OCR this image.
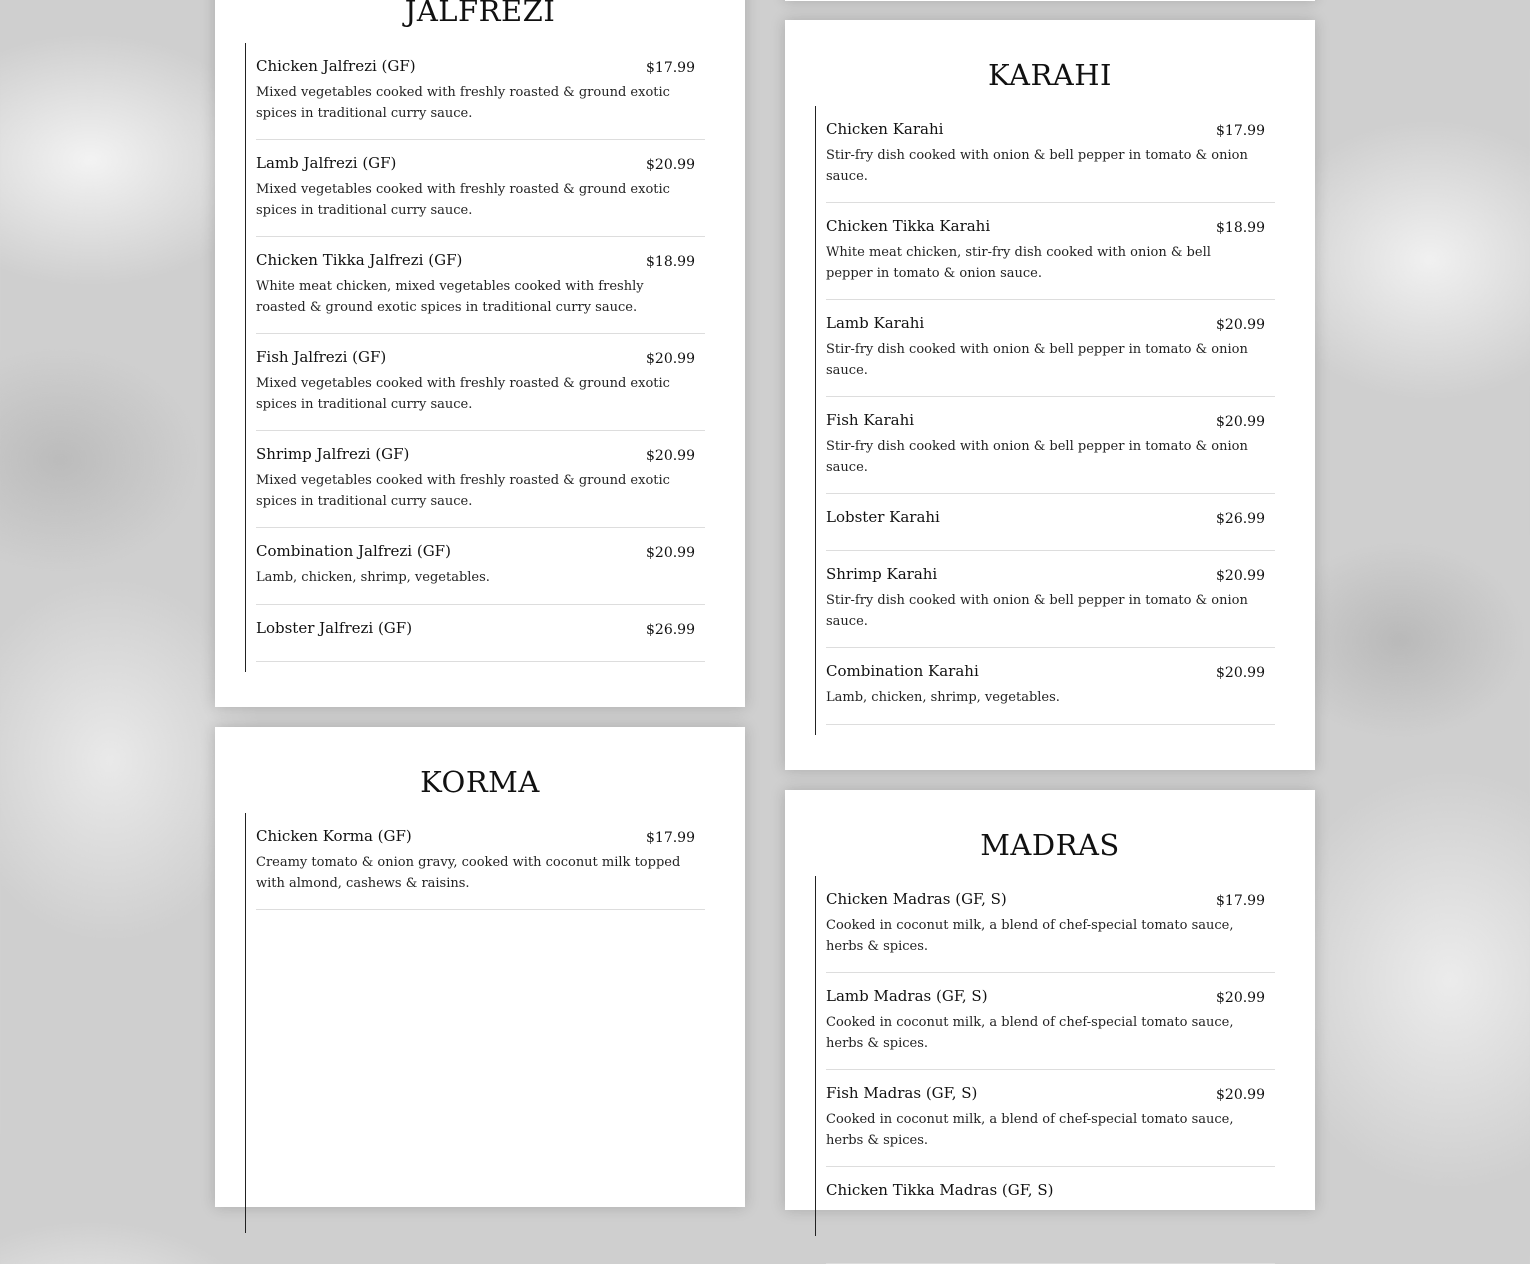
JALFREZI
Chicken Jalfrezi (GF)	$17.99
Mixed vegetables cooked with freshly roasted & ground exotic spices in traditional curry sauce.
Lamb Jalfrezi (GF)	$20.99
Mixed vegetables cooked with freshly roasted & ground exotic spices in traditional curry sauce.
Chicken Tikka Jalfrezi (GF)	$18.99
White meat chicken, mixed vegetables cooked with freshly roasted & ground exotic spices in traditional curry sauce.
Fish Jalfrezi (GF)	$20.99
Mixed vegetables cooked with freshly roasted & ground exotic spices in traditional curry sauce.
Shrimp Jalfrezi (GF)	$20.99
Mixed vegetables cooked with freshly roasted & ground exotic spices in traditional curry sauce.
Combination Jalfrezi (GF)	$20.99
Lamb, chicken, shrimp, vegetables.
Lobster Jalfrezi (GF)	$26.99
KARAHI
Chicken Karahi	$17.99
Stir-fry dish cooked with onion & bell pepper in tomato & onion sauce.
Chicken Tikka Karahi	$18.99
White meat chicken, stir-fry dish cooked with onion & bell pepper in tomato & onion sauce.
Lamb Karahi	$20.99
Stir-fry dish cooked with onion & bell pepper in tomato & onion sauce.
Fish Karahi	$20.99
Stir-fry dish cooked with onion & bell pepper in tomato & onion sauce.
Lobster Karahi	$26.99
Shrimp Karahi	$20.99
Stir-fry dish cooked with onion & bell pepper in tomato & onion sauce.
Combination Karahi	$20.99
Lamb, chicken, shrimp, vegetables.
KORMA
Chicken Korma (GF)	$17.99
Creamy tomato & onion gravy, cooked with coconut milk topped with almond, cashews & raisins.
MADRAS
Chicken Madras (GF, S)	$17.99
Cooked in coconut milk, a blend of chef-special tomato sauce, herbs & spices.
Lamb Madras (GF, S)	$20.99
Cooked in coconut milk, a blend of chef-special tomato sauce, herbs & spices.
Fish Madras (GF, S)	$20.99
Cooked in coconut milk, a blend of chef-special tomato sauce, herbs & spices.
Chicken Tikka Madras (GF, S)
